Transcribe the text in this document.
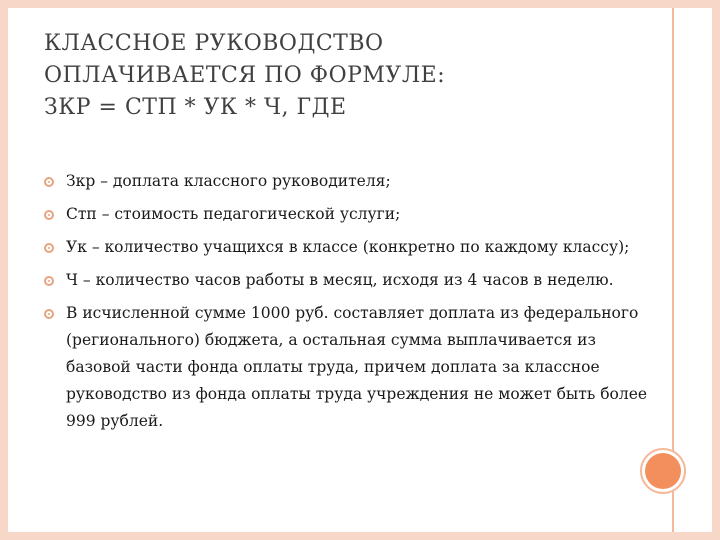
КЛАССНОЕ РУКОВОДСТВО
ОПЛАЧИВАЕТСЯ ПО ФОРМУЛЕ:
ЗКР = СТП * УК * Ч, ГДЕ
Зкр – доплата классного руководителя;
Стп – стоимость педагогической услуги;
Ук – количество учащихся в классе (конкретно по каждому классу);
Ч – количество часов работы в месяц, исходя из 4 часов в неделю.
В исчисленной сумме 1000 руб. составляет доплата из федерального (регионального) бюджета, а остальная сумма выплачивается из базовой части фонда оплаты труда, причем доплата за классное руководство из фонда оплаты труда учреждения не может быть более 999 рублей.
